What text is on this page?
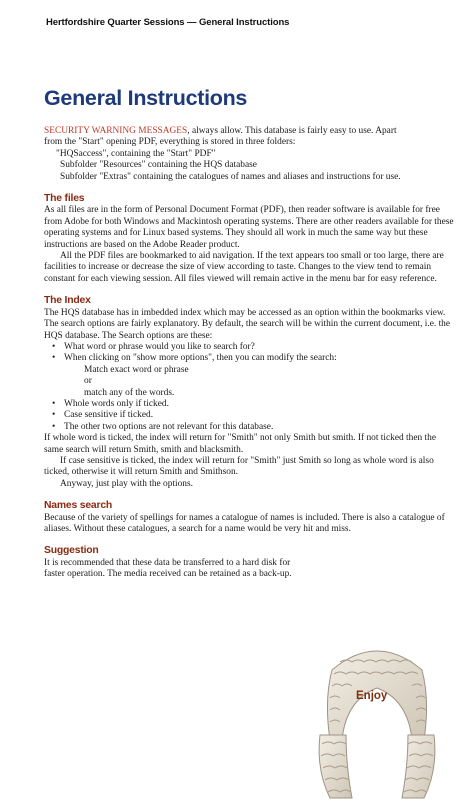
Hertfordshire Quarter Sessions — General Instructions
General Instructions

SECURITY WARNING MESSAGES, always allow. This database is fairly easy to use. Apart

from the "Start" opening PDF, everything is stored in three folders:

"HQSaccess", containing the "Start" PDF"

Subfolder "Resources" containing the HQS database

Subfolder "Extras" containing the catalogues of names and aliases and instructions for use.

The files

As all files are in the form of Personal Document Format (PDF), then reader software is available for free from Adobe for both Windows and Mackintosh operating systems. There are other readers available for these operating systems and for Linux based systems. They should all work in much the same way but these instructions are based on the Adobe Reader product.

All the PDF files are bookmarked to aid navigation. If the text appears too small or too large, there are facilities to increase or decrease the size of view according to taste. Changes to the view tend to remain constant for each viewing session. All files viewed will remain active in the menu bar for easy reference.

The Index

The HQS database has in imbedded index which may be accessed as an option within the bookmarks view. The search options are fairly explanatory. By default, the search will be within the current document, i.e. the HQS database. The Search options are these:

• What word or phrase would you like to search for?
• When clicking on "show more options", then you can modify the search:

Match exact word or phrase

or

match any of the words.

• Whole words only if ticked.
• Case sensitive if ticked.
• The other two options are not relevant for this database.

If whole word is ticked, the index will return for "Smith" not only Smith but smith. If not ticked then the same search will return Smith, smith and blacksmith.

If case sensitive is ticked, the index will return for "Smith" just Smith so long as whole word is also ticked, otherwise it will return Smith and Smithson.

Anyway, just play with the options.

Names search

Because of the variety of spellings for names a catalogue of names is included. There is also a catalogue of aliases. Without these catalogues, a search for a name would be very hit and miss.

Suggestion

It is recommended that these data be transferred to a hard disk for faster operation. The media received can be retained as a back-up.

Enjoy
